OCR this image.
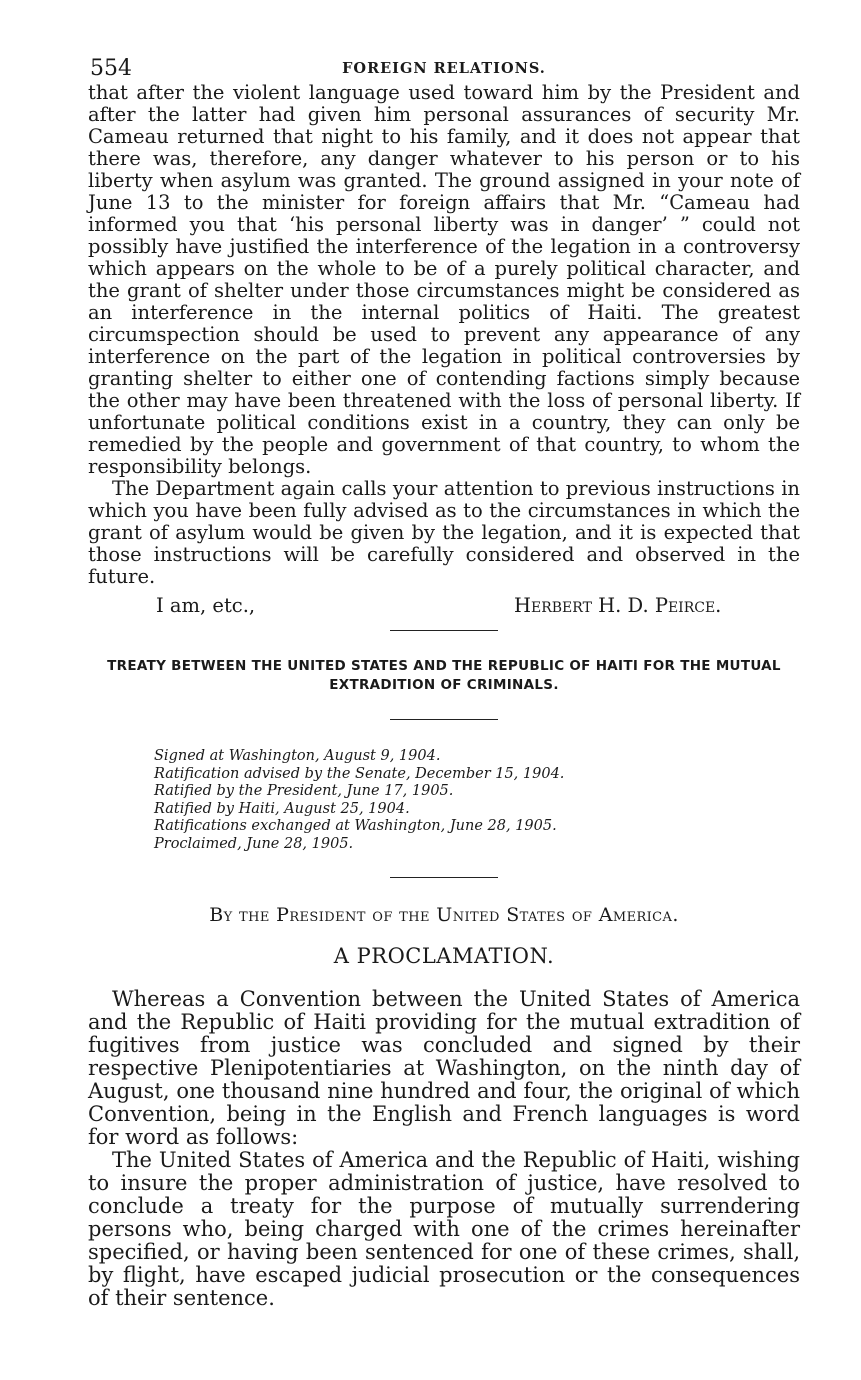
554	FOREIGN RELATIONS.

that after the violent language used toward him by the President and after the latter had given him personal assurances of security Mr. Cameau returned that night to his family, and it does not appear that there was, therefore, any danger whatever to his person or to his liberty when asylum was granted. The ground assigned in your note of June 13 to the minister for foreign affairs that Mr. “Cameau had informed you that ‘his personal liberty was in danger’ ” could not possibly have justified the interference of the legation in a controversy which appears on the whole to be of a purely political character, and the grant of shelter under those circumstances might be considered as an interference in the internal politics of Haiti. The greatest circumspection should be used to prevent any appearance of any interference on the part of the legation in political controversies by granting shelter to either one of contending factions simply because the other may have been threatened with the loss of personal liberty. If unfortunate political conditions exist in a country, they can only be remedied by the people and government of that country, to whom the responsibility belongs.

The Department again calls your attention to previous instructions in which you have been fully advised as to the circumstances in which the grant of asylum would be given by the legation, and it is expected that those instructions will be carefully considered and observed in the future.

I am, etc.,	Herbert H. D. Peirce.

TREATY BETWEEN THE UNITED STATES AND THE REPUBLIC OF HAITI FOR THE MUTUAL EXTRADITION OF CRIMINALS.

Signed at Washington, August 9, 1904.
Ratification advised by the Senate, December 15, 1904.
Ratified by the President, June 17, 1905.
Ratified by Haiti, August 25, 1904.
Ratifications exchanged at Washington, June 28, 1905.
Proclaimed, June 28, 1905.
By the President of the United States of America.
A PROCLAMATION.

Whereas a Convention between the United States of America and the Republic of Haiti providing for the mutual extradition of fugitives from justice was concluded and signed by their respective Plenipotentiaries at Washington, on the ninth day of August, one thousand nine hundred and four, the original of which Convention, being in the English and French languages is word for word as follows:

The United States of America and the Republic of Haiti, wishing to insure the proper administration of justice, have resolved to conclude a treaty for the purpose of mutually surrendering persons who, being charged with one of the crimes hereinafter specified, or having been sentenced for one of these crimes, shall, by flight, have escaped judicial prosecution or the consequences of their sentence.
